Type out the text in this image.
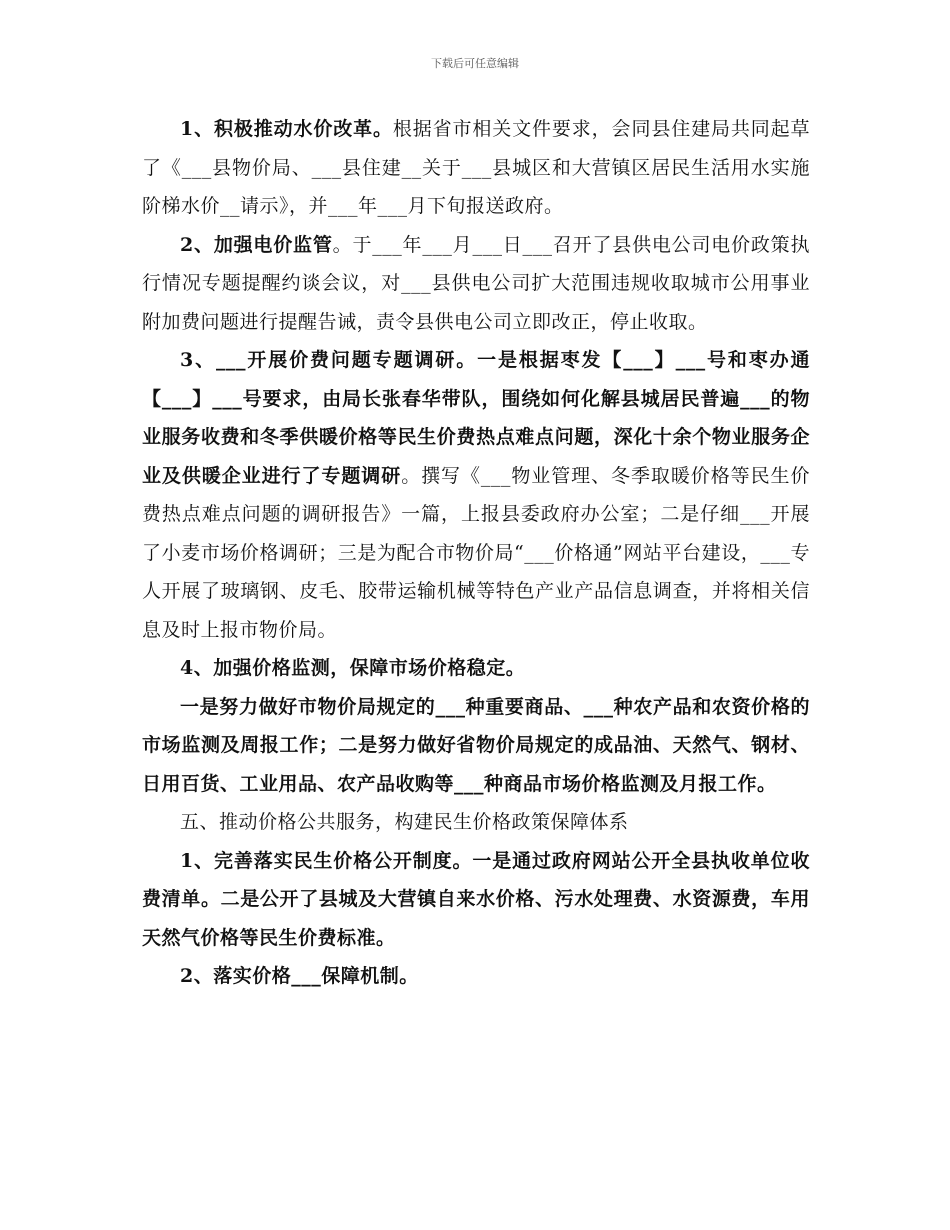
下载后可任意编辑

1、积极推动水价改革。根据省市相关文件要求，会同县住建局共同起草了《___县物价局、___县住建__关于___县城区和大营镇区居民生活用水实施阶梯水价__请示》，并___年___月下旬报送政府。

2、加强电价监管。于___年___月___日___召开了县供电公司电价政策执行情况专题提醒约谈会议，对___县供电公司扩大范围违规收取城市公用事业附加费问题进行提醒告诫，责令县供电公司立即改正，停止收取。

3、___开展价费问题专题调研。一是根据枣发【___】___号和枣办通【___】___号要求，由局长张春华带队，围绕如何化解县城居民普遍___的物业服务收费和冬季供暖价格等民生价费热点难点问题，深化十余个物业服务企业及供暖企业进行了专题调研。撰写《___物业管理、冬季取暖价格等民生价费热点难点问题的调研报告》一篇，上报县委政府办公室；二是仔细___开展了小麦市场价格调研；三是为配合市物价局“___价格通”网站平台建设，___专人开展了玻璃钢、皮毛、胶带运输机械等特色产业产品信息调查，并将相关信息及时上报市物价局。

4、加强价格监测，保障市场价格稳定。

一是努力做好市物价局规定的___种重要商品、___种农产品和农资价格的市场监测及周报工作；二是努力做好省物价局规定的成品油、天然气、钢材、日用百货、工业用品、农产品收购等___种商品市场价格监测及月报工作。

五、推动价格公共服务，构建民生价格政策保障体系

1、完善落实民生价格公开制度。一是通过政府网站公开全县执收单位收费清单。二是公开了县城及大营镇自来水价格、污水处理费、水资源费，车用天然气价格等民生价费标准。

2、落实价格___保障机制。
